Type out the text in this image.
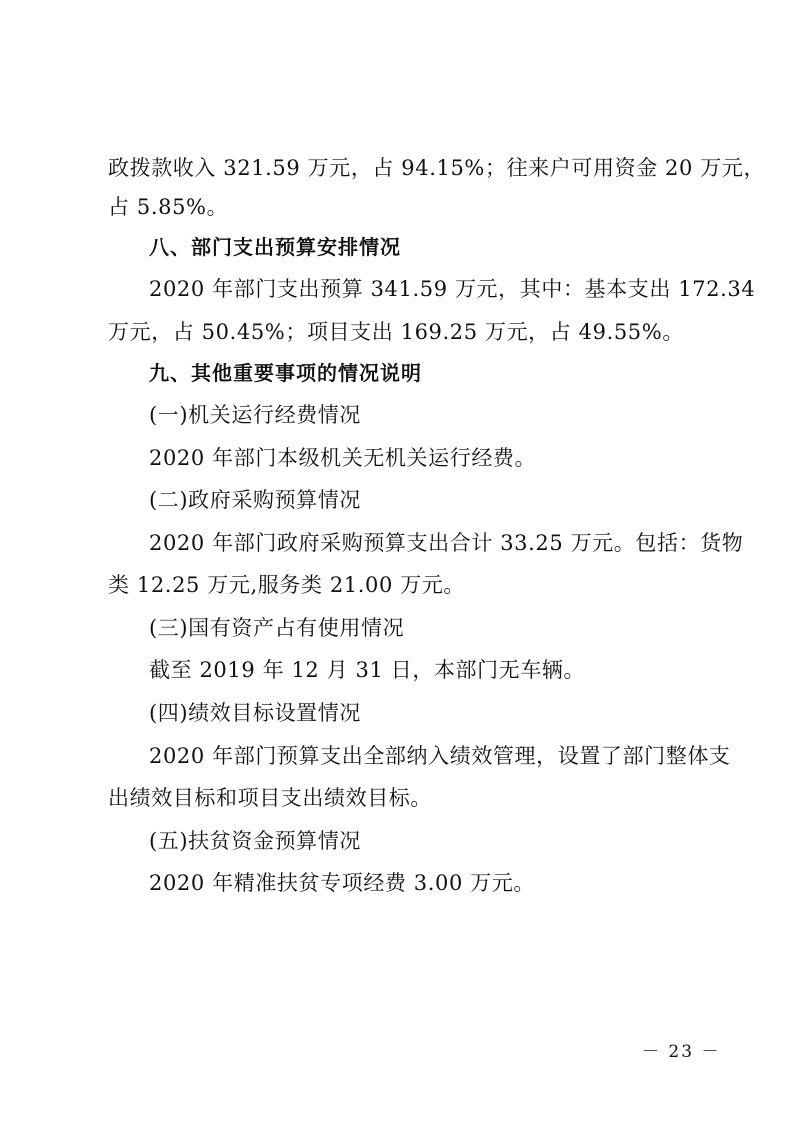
政拨款收入 321.59 万元，占 94.15%；往来户可用资金 20 万元，
占 5.85%。
八、部门支出预算安排情况
2020 年部门支出预算 341.59 万元，其中：基本支出 172.34
万元，占 50.45%；项目支出 169.25 万元，占 49.55%。
九、其他重要事项的情况说明
(一)机关运行经费情况
2020 年部门本级机关无机关运行经费。
(二)政府采购预算情况
2020 年部门政府采购预算支出合计 33.25 万元。包括：货物
类 12.25 万元,服务类 21.00 万元。
(三)国有资产占有使用情况
截至 2019 年 12 月 31 日，本部门无车辆。
(四)绩效目标设置情况
2020 年部门预算支出全部纳入绩效管理，设置了部门整体支
出绩效目标和项目支出绩效目标。
(五)扶贫资金预算情况
2020 年精准扶贫专项经费 3.00 万元。
－ 23 －
